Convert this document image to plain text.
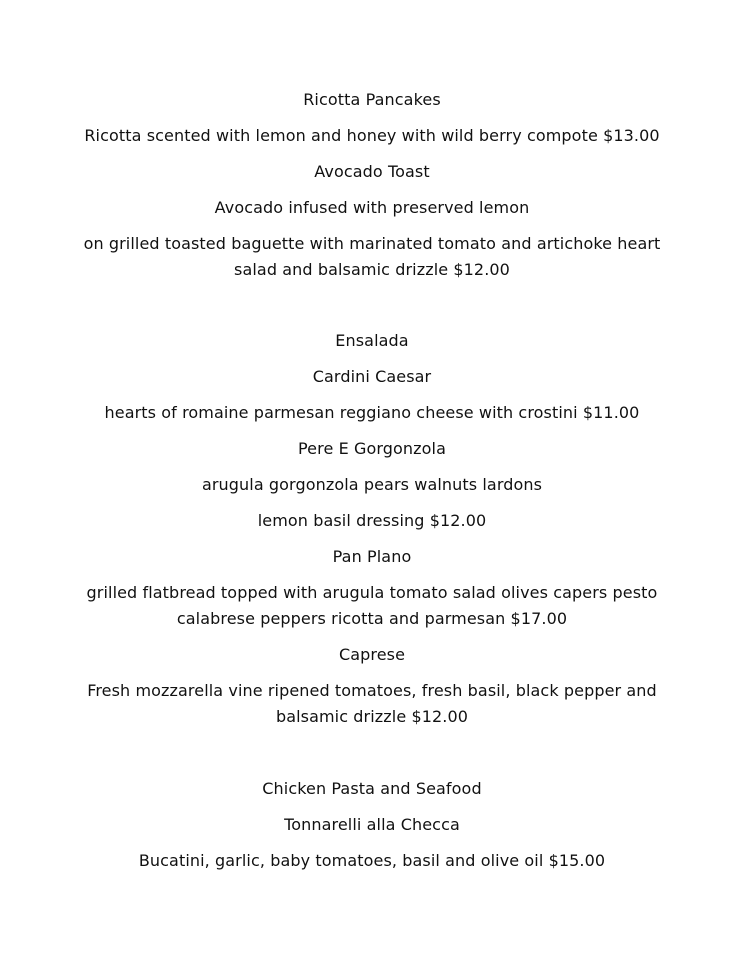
Ricotta Pancakes
Ricotta scented with lemon and honey with wild berry compote $13.00
Avocado Toast
Avocado infused with preserved lemon
on grilled toasted baguette with marinated tomato and artichoke heart
salad and balsamic drizzle $12.00
Ensalada
Cardini Caesar
hearts of romaine parmesan reggiano cheese with crostini $11.00
Pere E Gorgonzola
arugula gorgonzola pears walnuts lardons
lemon basil dressing $12.00
Pan Plano
grilled flatbread topped with arugula tomato salad olives capers pesto
calabrese peppers ricotta and parmesan $17.00
Caprese
Fresh mozzarella vine ripened tomatoes, fresh basil, black pepper and
balsamic drizzle $12.00
Chicken Pasta and Seafood
Tonnarelli alla Checca
Bucatini, garlic, baby tomatoes, basil and olive oil $15.00
